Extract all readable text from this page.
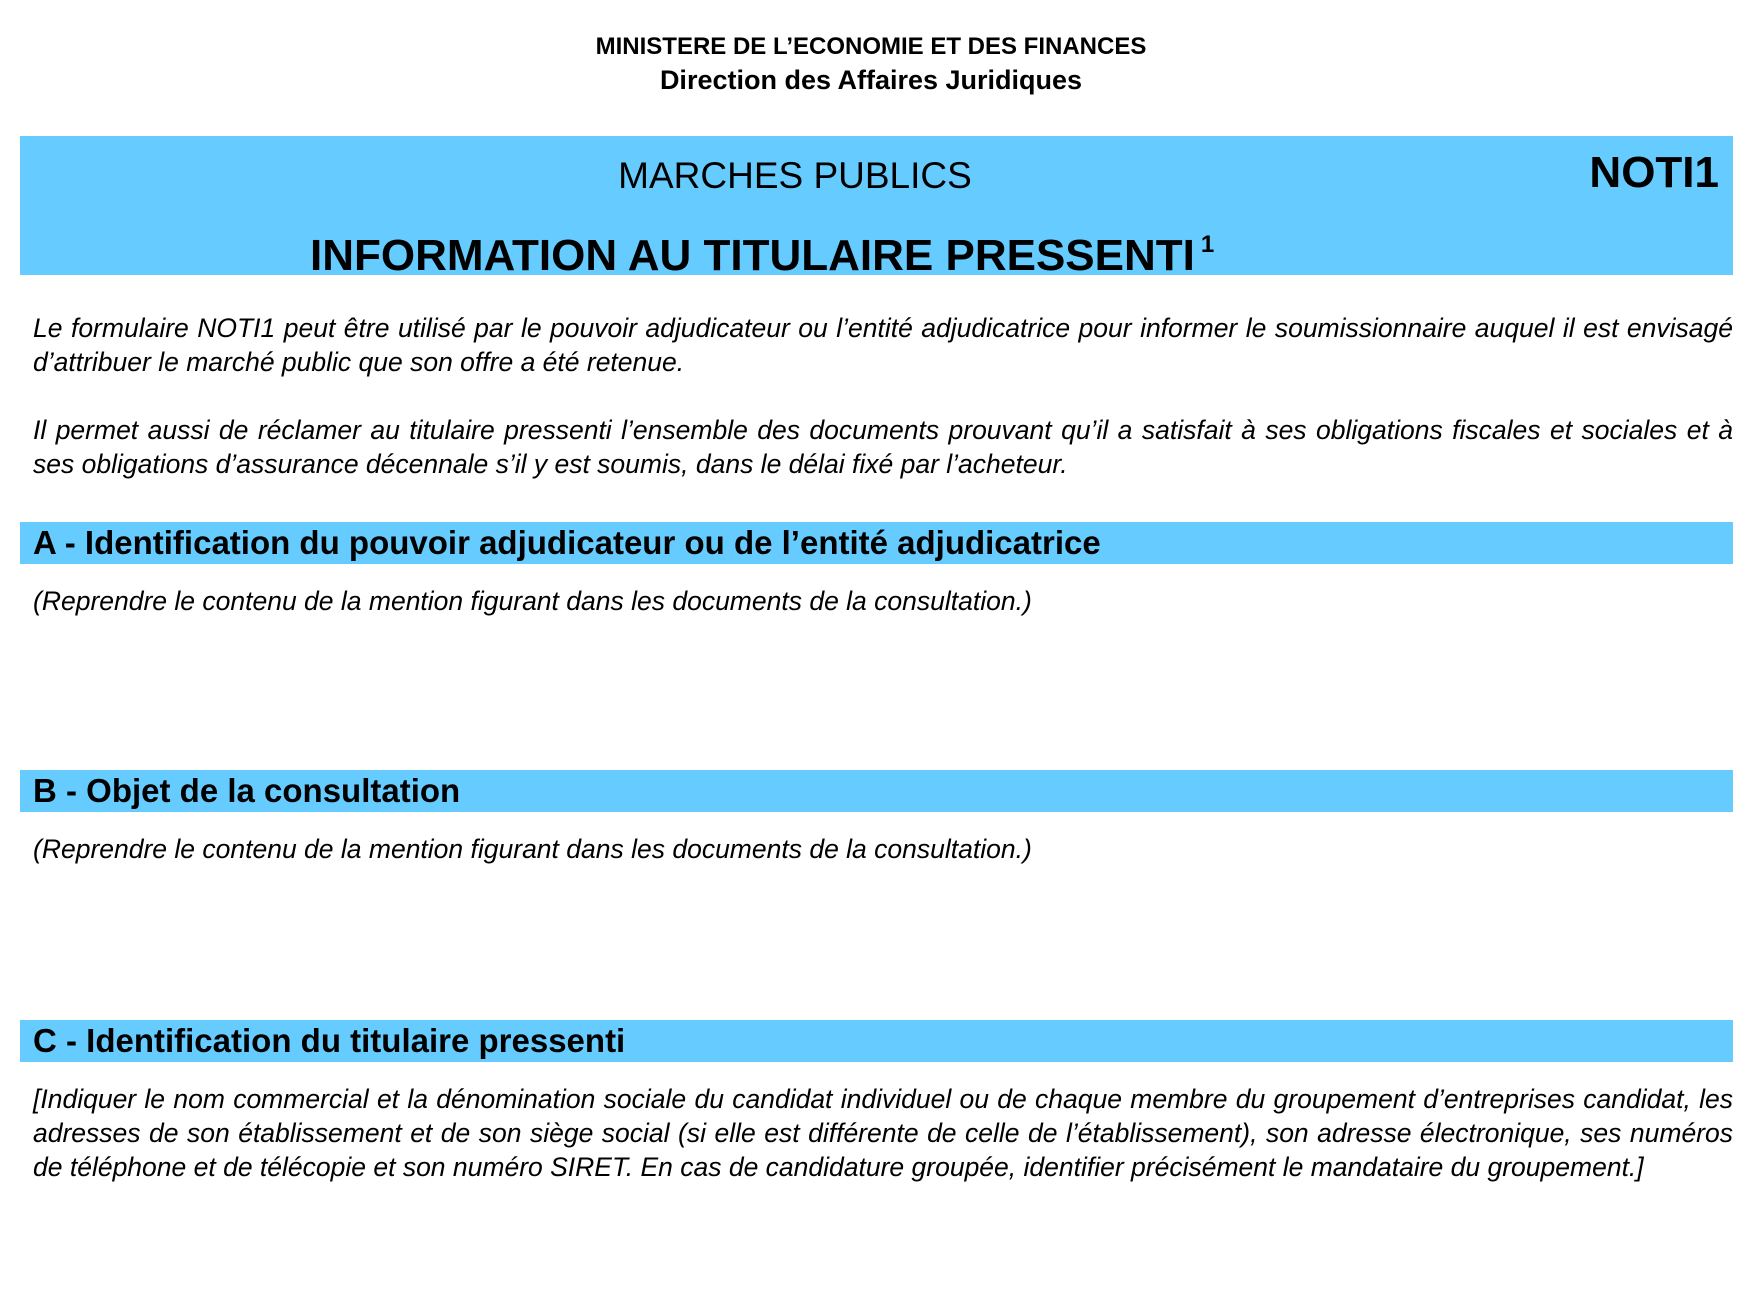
MINISTERE DE L’ECONOMIE ET DES FINANCES

Direction des Affaires Juridiques

MARCHES PUBLICS	NOTI1

INFORMATION AU TITULAIRE PRESSENTI $^1$

Le formulaire NOTI1 peut être utilisé par le pouvoir adjudicateur ou l’entité adjudicatrice pour informer le soumissionnaire auquel il est envisagé d’attribuer le marché public que son offre a été retenue.

Il permet aussi de réclamer au titulaire pressenti l’ensemble des documents prouvant qu’il a satisfait à ses obligations fiscales et sociales et à ses obligations d’assurance décennale s’il y est soumis, dans le délai fixé par l’acheteur.

A - Identification du pouvoir adjudicateur ou de l’entité adjudicatrice

(Reprendre le contenu de la mention figurant dans les documents de la consultation.)

B - Objet de la consultation

(Reprendre le contenu de la mention figurant dans les documents de la consultation.)

C - Identification du titulaire pressenti

[Indiquer le nom commercial et la dénomination sociale du candidat individuel ou de chaque membre du groupement d’entreprises candidat, les adresses de son établissement et de son siège social (si elle est différente de celle de l’établissement), son adresse électronique, ses numéros de téléphone et de télécopie et son numéro SIRET. En cas de candidature groupée, identifier précisément le mandataire du groupement.]
